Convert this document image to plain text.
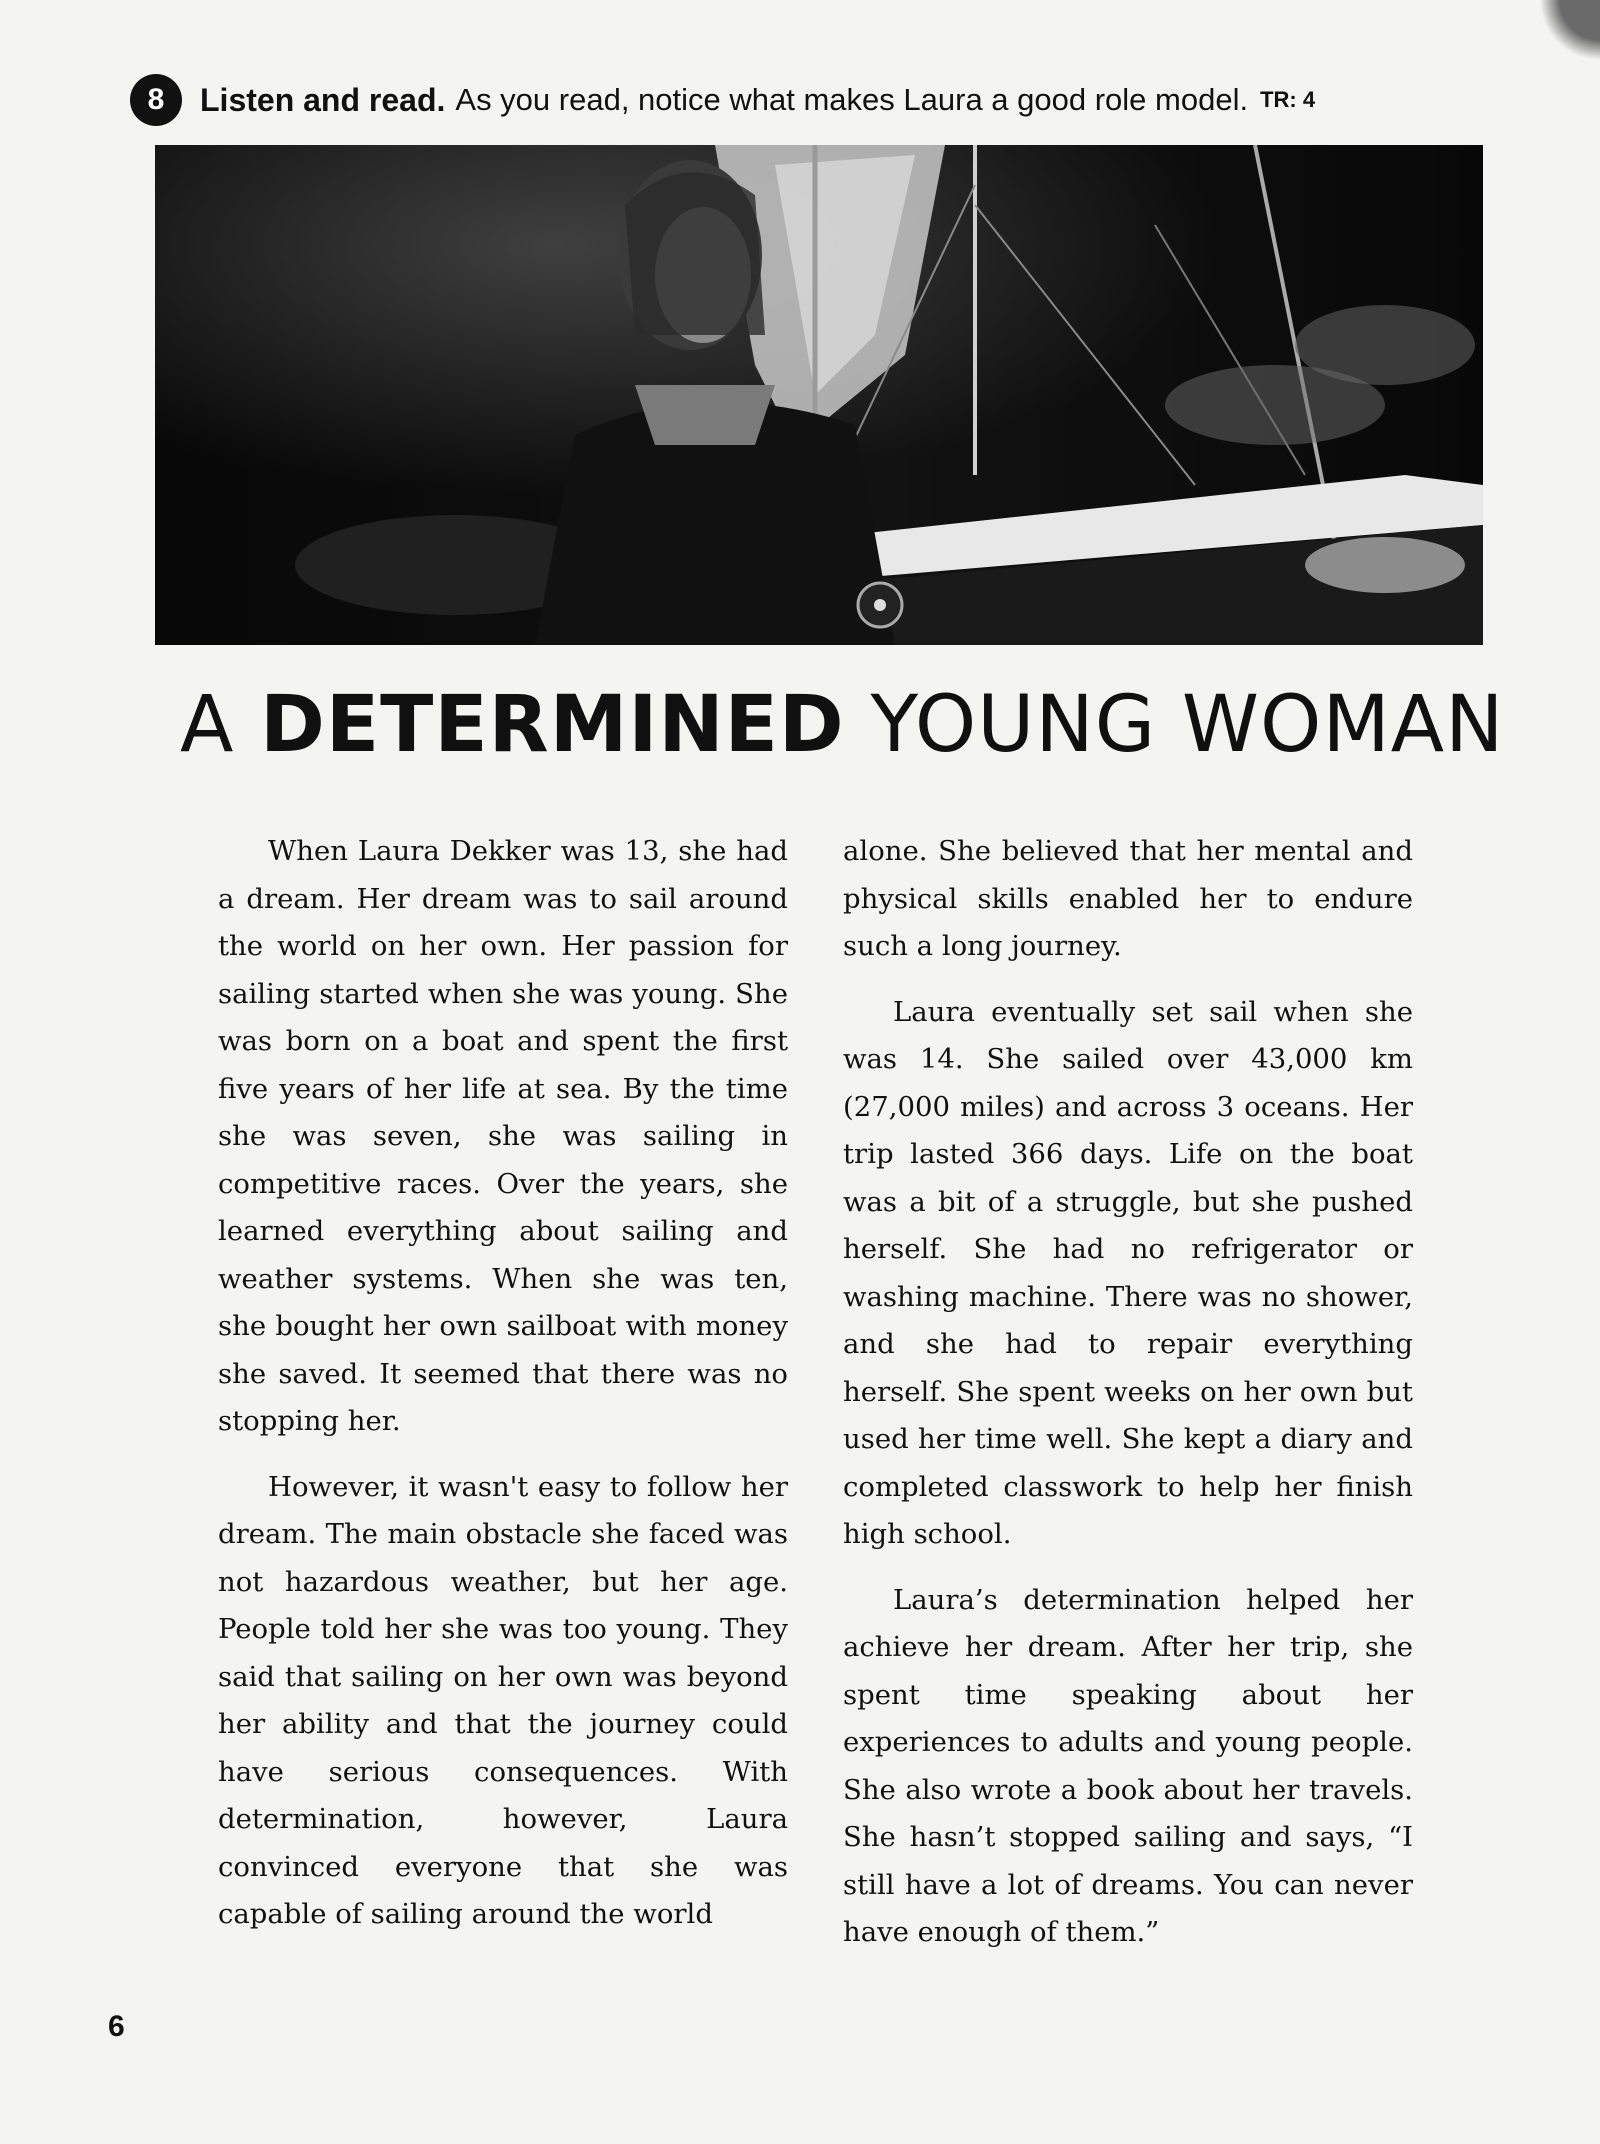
8	Listen and read. As you read, notice what makes Laura a good role model. TR: 4
A DETERMINED YOUNG WOMAN

When Laura Dekker was 13, she had a dream. Her dream was to sail around the world on her own. Her passion for sailing started when she was young. She was born on a boat and spent the first five years of her life at sea. By the time she was seven, she was sailing in competitive races. Over the years, she learned everything about sailing and weather systems. When she was ten, she bought her own sailboat with money she saved. It seemed that there was no stopping her.

However, it wasn't easy to follow her dream. The main obstacle she faced was not hazardous weather, but her age. People told her she was too young. They said that sailing on her own was beyond her ability and that the journey could have serious consequences. With determination, however, Laura convinced everyone that she was capable of sailing around the world

alone. She believed that her mental and physical skills enabled her to endure such a long journey.

Laura eventually set sail when she was 14. She sailed over 43,000 km (27,000 miles) and across 3 oceans. Her trip lasted 366 days. Life on the boat was a bit of a struggle, but she pushed herself. She had no refrigerator or washing machine. There was no shower, and she had to repair everything herself. She spent weeks on her own but used her time well. She kept a diary and completed classwork to help her finish high school.

Laura’s determination helped her achieve her dream. After her trip, she spent time speaking about her experiences to adults and young people. She also wrote a book about her travels. She hasn’t stopped sailing and says, “I still have a lot of dreams. You can never have enough of them.”

6
